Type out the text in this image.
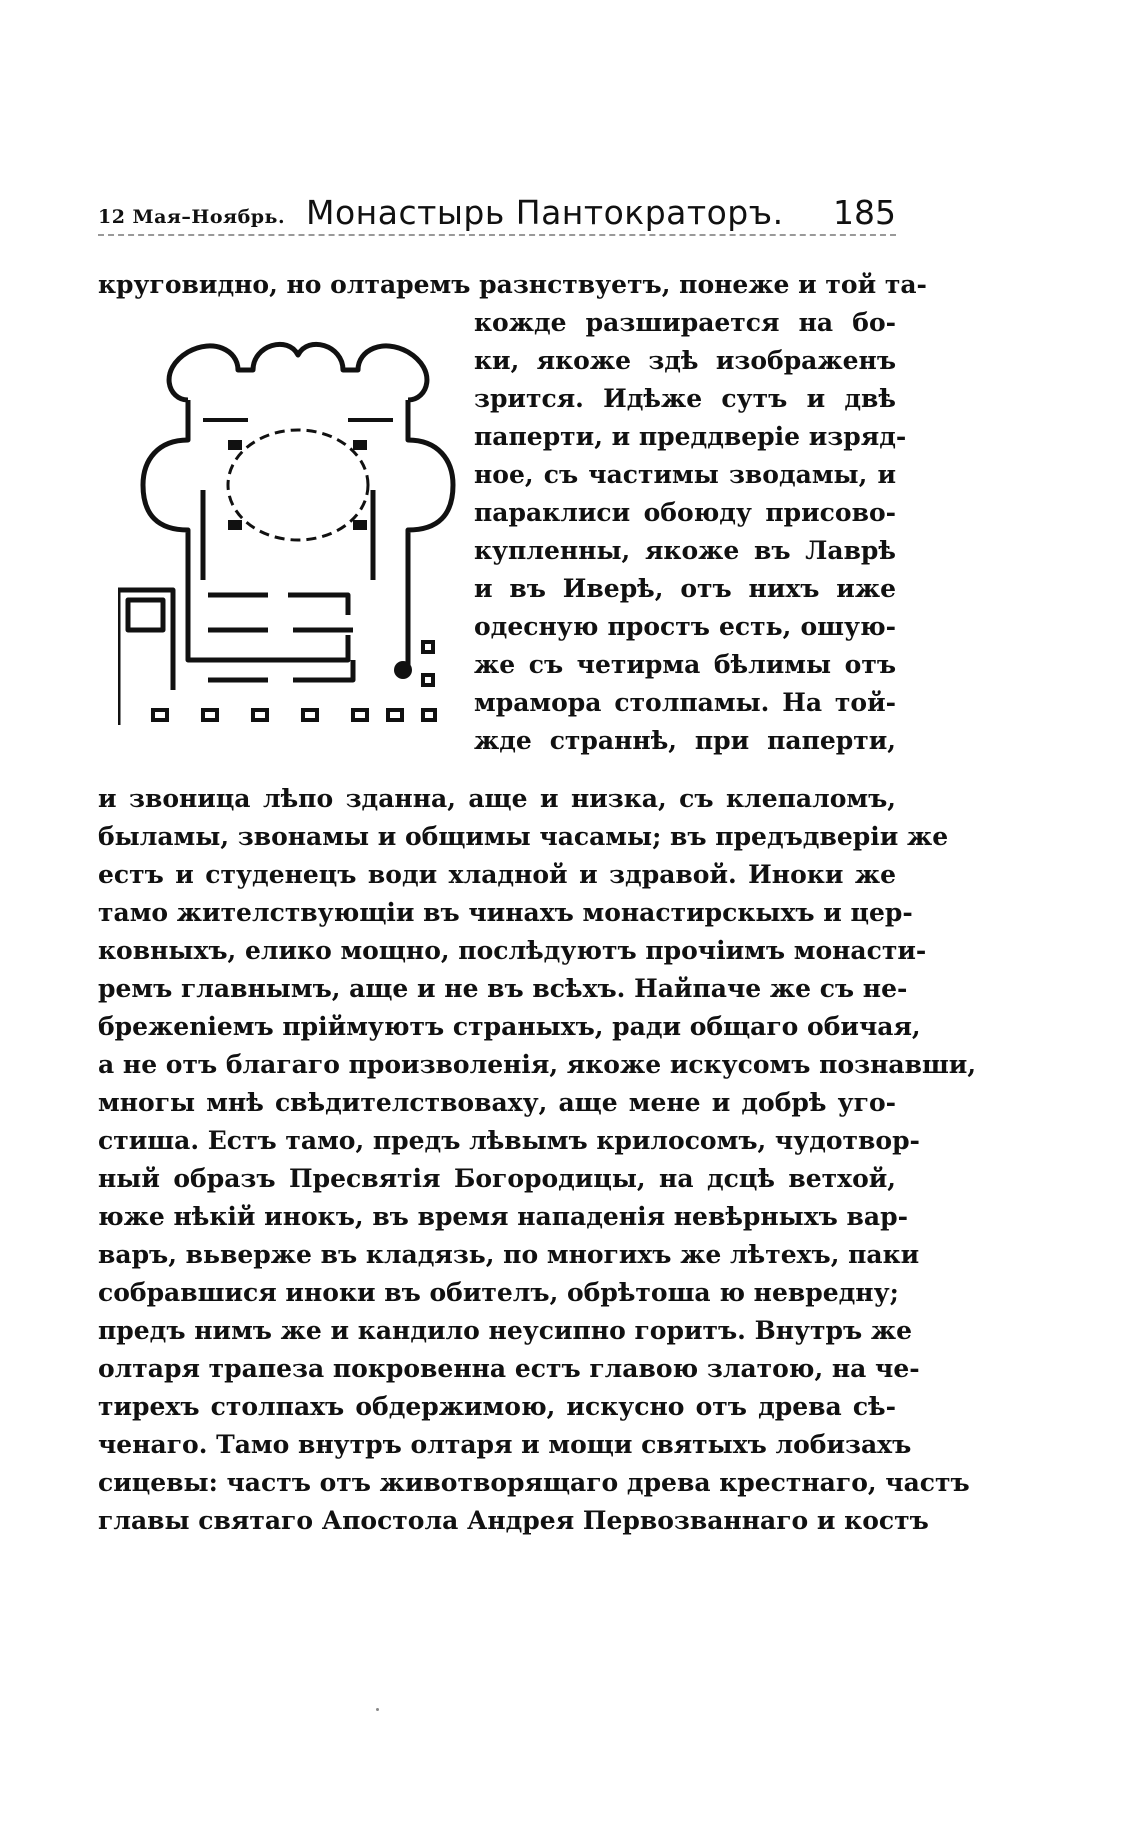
12 Мая–Ноябрь. Монастырь Пантократоръ. 185
круговидно, но олтаремъ разнствуетъ, понеже и той та-
кожде разширается на бо-
ки, якоже здѣ изображенъ
зрится. Идѣже сутъ и двѣ
паперти, и преддверіе изряд-
ное, съ частимы зводамы, и
параклиси обоюду присово-
купленны, якоже въ Лаврѣ
и въ Иверѣ, отъ нихъ иже
одесную простъ есть, ошую-
же съ четирма бѣлимы отъ
мрамора столпамы. На той-
жде страннѣ, при паперти,
и звоница лѣпо зданна, аще и низка, съ клепаломъ,
быламы, звонамы и общимы часамы; въ предъдверіи же
естъ и студенецъ води хладной и здравой. Иноки же
тамо жителствующіи въ чинахъ монастирскыхъ и цер-
ковныхъ, елико мощно, послѣдуютъ прочіимъ монасти-
ремъ главнымъ, аще и не въ всѣхъ. Найпаче же съ не-
брежеnіемъ пріймуютъ страныхъ, ради общаго обичая,
а не отъ благаго произволенія, якоже искусомъ познавши,
многы мнѣ свѣдителствоваху, аще мене и добрѣ уго-
стиша. Естъ тамо, предъ лѣвымъ крилосомъ, чудотвор-
ный образъ Пресвятія Богородицы, на дсцѣ ветхой,
юже нѣкій инокъ, въ время нападенія невѣрныхъ вар-
варъ, вьверже въ кладязь, по многихъ же лѣтехъ, паки
собравшися иноки въ обителъ, обрѣтоша ю невредну;
предъ нимъ же и кандило неусипно горитъ. Внутръ же
олтаря трапеза покровенна естъ главою златою, на че-
тирехъ столпахъ обдержимою, искусно отъ древа сѣ-
ченаго. Тамо внутръ олтаря и мощи святыхъ лобизахъ
сицевы: частъ отъ животворящаго древа крестнаго, частъ
главы святаго Апостола Андрея Первозваннаго и костъ
